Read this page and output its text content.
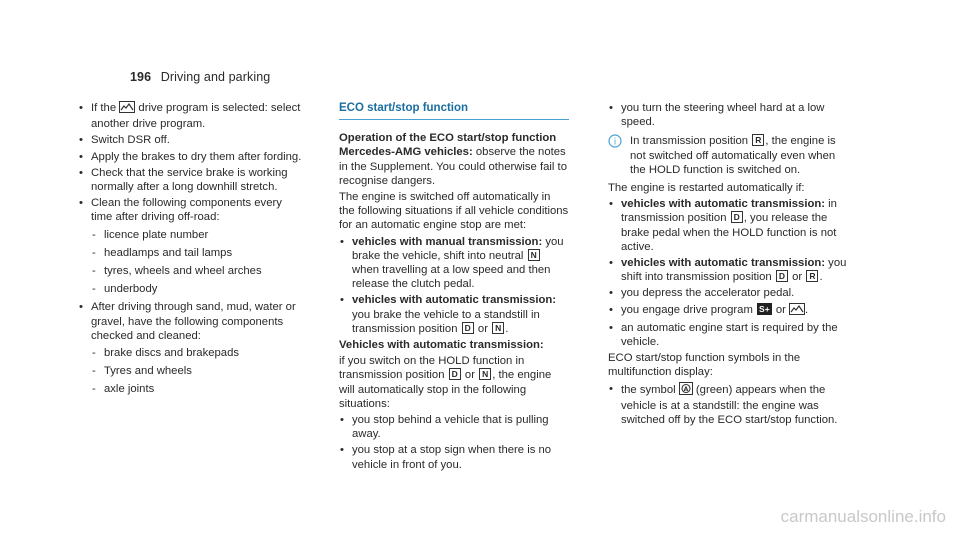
196 Driving and parking
• If the drive program is selected: select another drive program.
• Switch DSR off.
• Apply the brakes to dry them after fording.
• Check that the service brake is working normally after a long downhill stretch.
• Clean the following components every time after driving off-road:
- licence plate number
- headlamps and tail lamps
- tyres, wheels and wheel arches
- underbody
• After driving through sand, mud, water or gravel, have the following components checked and cleaned:
- brake discs and brakepads
- Tyres and wheels
- axle joints
ECO start/stop function

Operation of the ECO start/stop function Mercedes-AMG vehicles: observe the notes in the Supplement. You could otherwise fail to recognise dangers.

The engine is switched off automatically in the following situations if all vehicle conditions for an automatic engine stop are met:

• vehicles with manual transmission: you brake the vehicle, shift into neutral N when travelling at a low speed and then release the clutch pedal.
• vehicles with automatic transmission: you brake the vehicle to a standstill in transmission position D or N .

Vehicles with automatic transmission:

if you switch on the HOLD function in transmission position D or N , the engine will automatically stop in the following situations:

• you stop behind a vehicle that is pulling away.
• you stop at a stop sign when there is no vehicle in front of you.
• you turn the steering wheel hard at a low speed.
i In transmission position R , the engine is not switched off automatically even when the HOLD function is switched on.

The engine is restarted automatically if:

• vehicles with automatic transmission: in transmission position D , you release the brake pedal when the HOLD function is not active.
• vehicles with automatic transmission: you shift into transmission position D or R .
• you depress the accelerator pedal.
• you engage drive program S+ or .
• an automatic engine start is required by the vehicle.

ECO start/stop function symbols in the multifunction display:

• the symbol A (green) appears when the vehicle is at a standstill: the engine was switched off by the ECO start/stop function.
carmanualsonline.info
